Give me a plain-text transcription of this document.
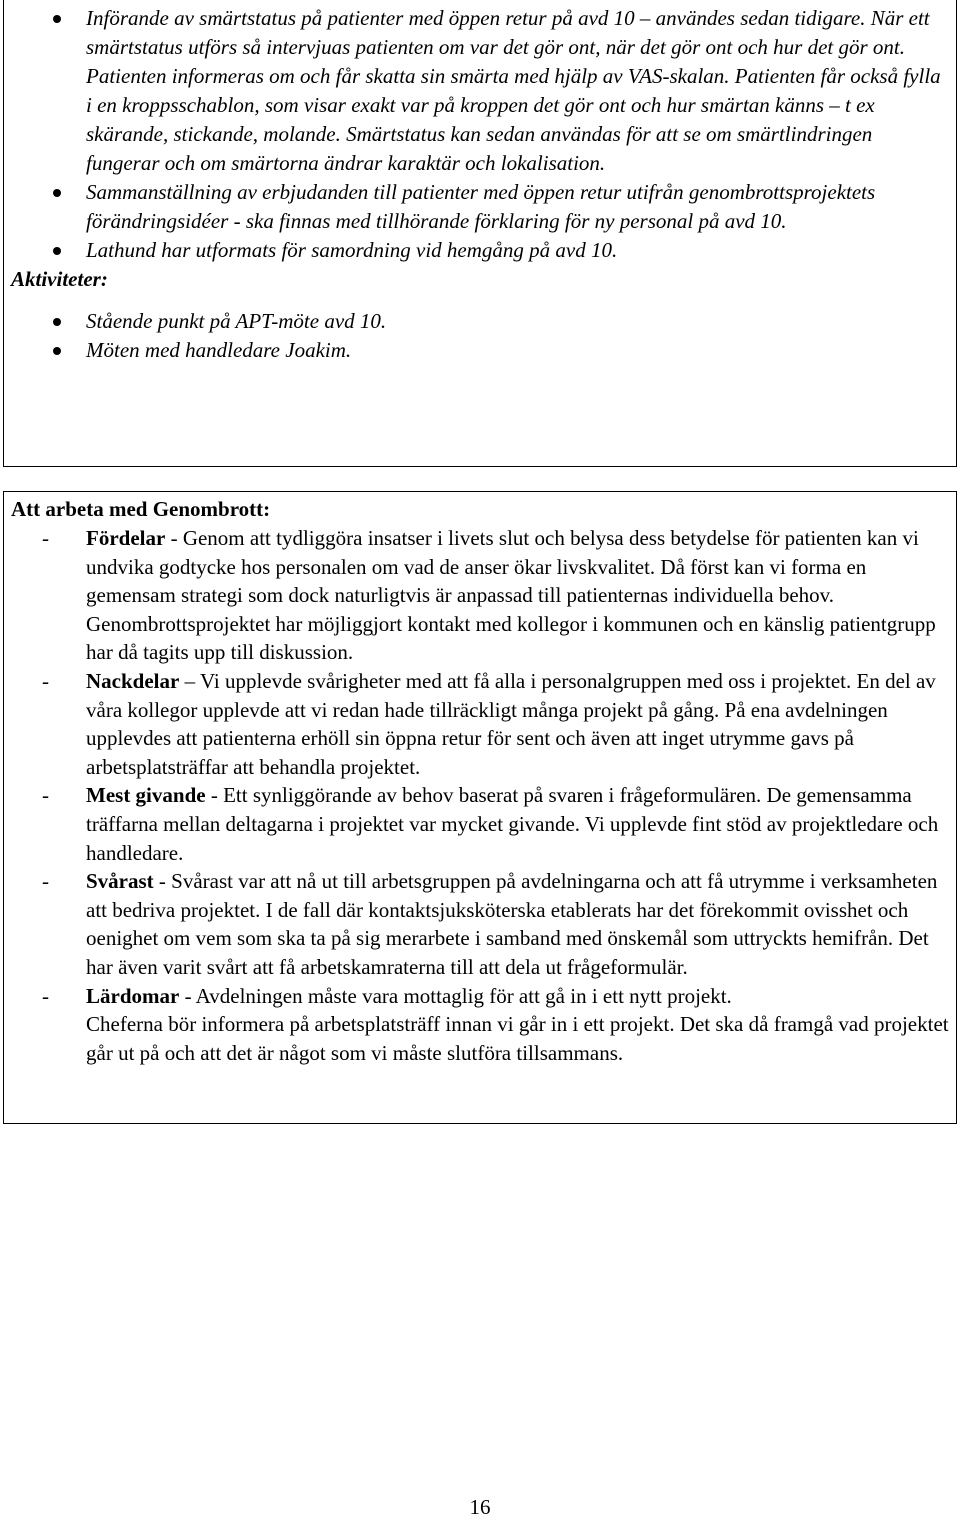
Införande av smärtstatus på patienter med öppen retur på avd 10 – användes sedan tidigare. När ett smärtstatus utförs så intervjuas patienten om var det gör ont, när det gör ont och hur det gör ont. Patienten informeras om och får skatta sin smärta med hjälp av VAS-skalan. Patienten får också fylla i en kroppsschablon, som visar exakt var på kroppen det gör ont och hur smärtan känns – t ex skärande, stickande, molande. Smärtstatus kan sedan användas för att se om smärtlindringen fungerar och om smärtorna ändrar karaktär och lokalisation.
Sammanställning av erbjudanden till patienter med öppen retur utifrån genombrottsprojektets förändringsidéer - ska finnas med tillhörande förklaring för ny personal på avd 10.
Lathund har utformats för samordning vid hemgång på avd 10.
Aktiviteter:
Stående punkt på APT-möte avd 10.
Möten med handledare Joakim.
Att arbeta med Genombrott:
- Fördelar - Genom att tydliggöra insatser i livets slut och belysa dess betydelse för patienten kan vi undvika godtycke hos personalen om vad de anser ökar livskvalitet. Då först kan vi forma en gemensam strategi som dock naturligtvis är anpassad till patienternas individuella behov.
Genombrottsprojektet har möjliggjort kontakt med kollegor i kommunen och en känslig patientgrupp har då tagits upp till diskussion.
- Nackdelar – Vi upplevde svårigheter med att få alla i personalgruppen med oss i projektet. En del av våra kollegor upplevde att vi redan hade tillräckligt många projekt på gång. På ena avdelningen upplevdes att patienterna erhöll sin öppna retur för sent och även att inget utrymme gavs på arbetsplatsträffar att behandla projektet.
- Mest givande - Ett synliggörande av behov baserat på svaren i frågeformulären. De gemensamma träffarna mellan deltagarna i projektet var mycket givande. Vi upplevde fint stöd av projektledare och handledare.
- Svårast - Svårast var att nå ut till arbetsgruppen på avdelningarna och att få utrymme i verksamheten att bedriva projektet. I de fall där kontaktsjuksköterska etablerats har det förekommit ovisshet och oenighet om vem som ska ta på sig merarbete i samband med önskemål som uttryckts hemifrån. Det har även varit svårt att få arbetskamraterna till att dela ut frågeformulär.
- Lärdomar - Avdelningen måste vara mottaglig för att gå in i ett nytt projekt.
Cheferna bör informera på arbetsplatsträff innan vi går in i ett projekt. Det ska då framgå vad projektet går ut på och att det är något som vi måste slutföra tillsammans.
16
